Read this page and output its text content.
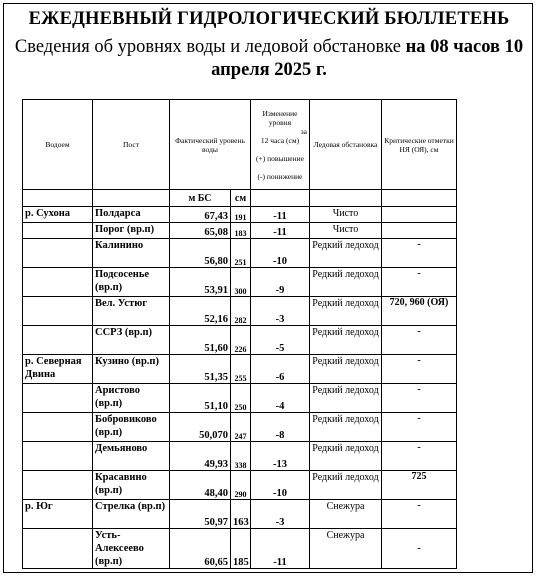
ЕЖЕДНЕВНЫЙ ГИДРОЛОГИЧЕСКИЙ БЮЛЛЕТЕНЬ
Сведения об уровнях воды и ледовой обстановке на 08 часов 10 апреля 2025 г.
Водоем	Пост	Фактический уровень воды		Изменение уровня

за
12 часа (см)

(+) повышение

(-) понижение	Ледовая обстановка	Критические отметки НЯ (ОЯ), см
		м БС	см			
р. Сухона	Полдарса	67,43	191	-11	Чисто	
	Порог (вр.п)	65,08	183	-11	Чисто	
	Калинино	56,80	251	-10	Редкий ледоход	-
	Подсосенье (вр.п)	53,91	300	-9	Редкий ледоход	-
	Вел. Устюг	52,16	282	-3	Редкий ледоход	720, 960 (ОЯ)
	ССРЗ (вр.п)	51,60	226	-5	Редкий ледоход	-
р. Северная Двина	Кузино (вр.п)	51,35	255	-6	Редкий ледоход	-
	Аристово (вр.п)	51,10	250	-4	Редкий ледоход	-
	Бобровиково (вр.п)	50,070	247	-8	Редкий ледоход	-
	Демьяново	49,93	338	-13	Редкий ледоход	-
	Красавино (вр.п)	48,40	290	-10	Редкий ледоход	725
р. Юг	Стрелка (вр.п)	50,97	163	-3	Снежура	-
	Усть-Алексеево (вр.п)	60,65	185	-11	Снежура	-
